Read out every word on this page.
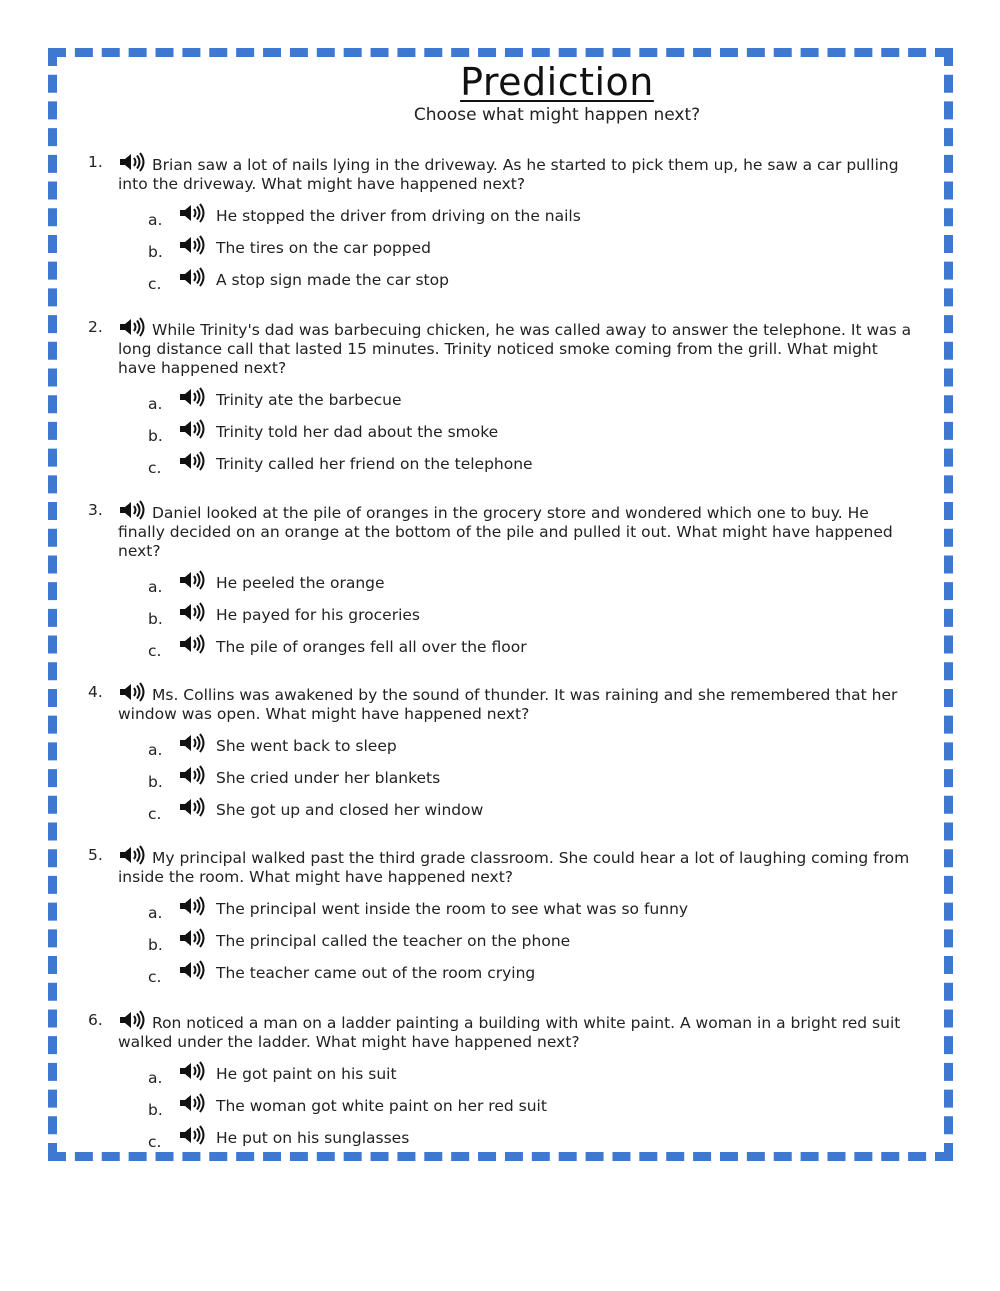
Prediction
Choose what might happen next?
1.	Brian saw a lot of nails lying in the driveway. As he started to pick them up, he saw a car pulling into the driveway. What might have happened next?
a.	He stopped the driver from driving on the nails
b.	The tires on the car popped
c.	A stop sign made the car stop
2.	While Trinity's dad was barbecuing chicken, he was called away to answer the telephone. It was a long distance call that lasted 15 minutes. Trinity noticed smoke coming from the grill. What might have happened next?
a.	Trinity ate the barbecue
b.	Trinity told her dad about the smoke
c.	Trinity called her friend on the telephone
3.	Daniel looked at the pile of oranges in the grocery store and wondered which one to buy. He finally decided on an orange at the bottom of the pile and pulled it out. What might have happened next?
a.	He peeled the orange
b.	He payed for his groceries
c.	The pile of oranges fell all over the floor
4.	Ms. Collins was awakened by the sound of thunder. It was raining and she remembered that her window was open. What might have happened next?
a.	She went back to sleep
b.	She cried under her blankets
c.	She got up and closed her window
5.	My principal walked past the third grade classroom. She could hear a lot of laughing coming from inside the room. What might have happened next?
a.	The principal went inside the room to see what was so funny
b.	The principal called the teacher on the phone
c.	The teacher came out of the room crying
6.	Ron noticed a man on a ladder painting a building with white paint. A woman in a bright red suit walked under the ladder. What might have happened next?
a.	He got paint on his suit
b.	The woman got white paint on her red suit
c.	He put on his sunglasses
